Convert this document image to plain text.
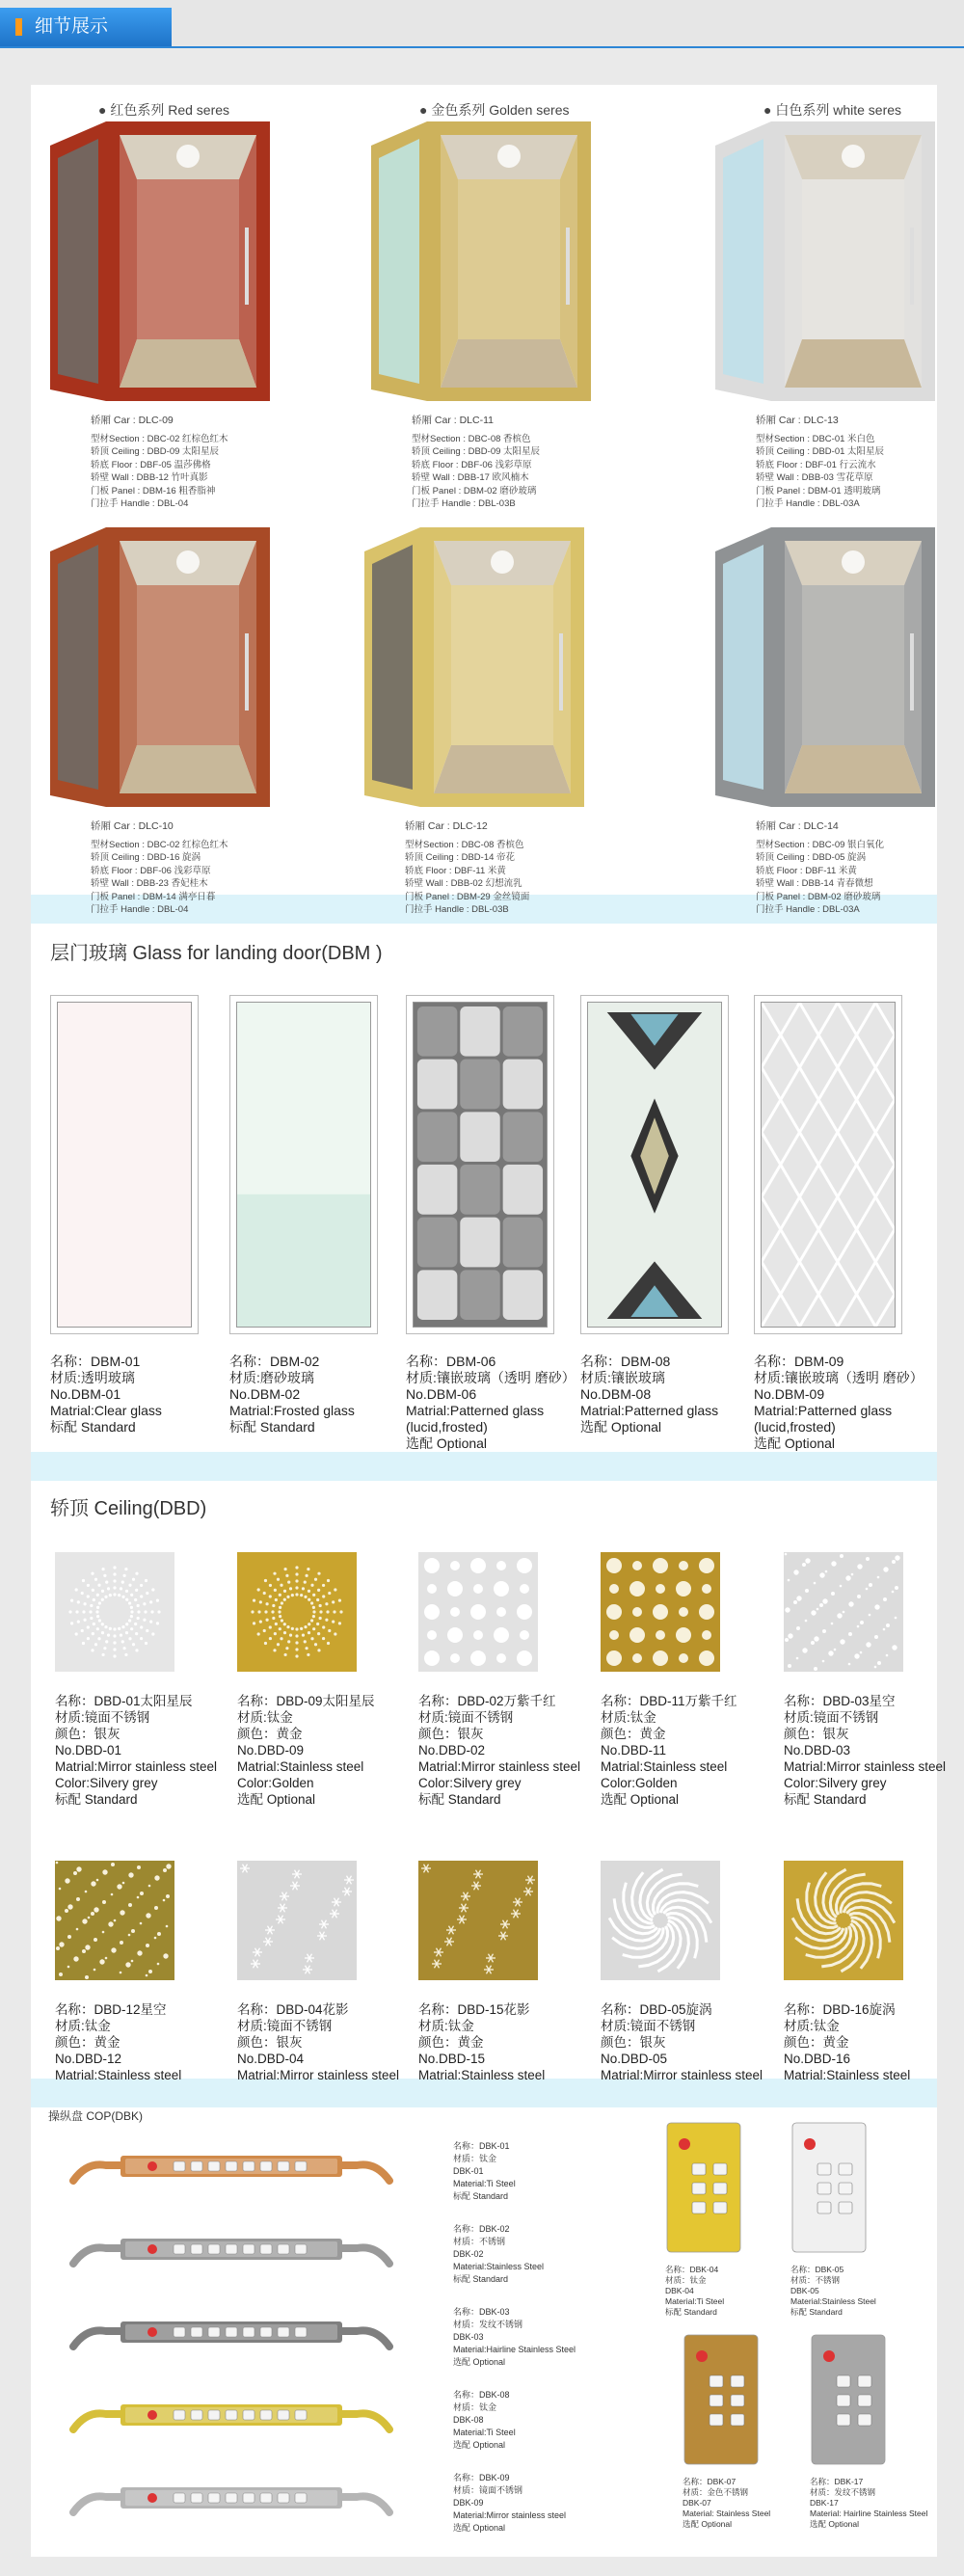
细节展示
● 红色系列 Red seres
轿厢 Car : DLC-09
型材Section : DBC-02 红棕色红木
轿顶 Ceiling : DBD-09 太阳星辰
轿底 Floor : DBF-05 温莎佛格
轿壁 Wall : DBB-12 竹叶真影
门板 Panel : DBM-16 粗香脂神
门拉手 Handle : DBL-04
● 金色系列 Golden seres
轿厢 Car : DLC-11
型材Section : DBC-08 香槟色
轿顶 Ceiling : DBD-09 太阳星辰
轿底 Floor : DBF-06 浅彩草原
轿壁 Wall : DBB-17 欧风楠木
门板 Panel : DBM-02 磨砂玻璃
门拉手 Handle : DBL-03B
● 白色系列 white seres
轿厢 Car : DLC-13
型材Section : DBC-01 米白色
轿顶 Ceiling : DBD-01 太阳星辰
轿底 Floor : DBF-01 行云流水
轿壁 Wall : DBB-03 雪花草原
门板 Panel : DBM-01 透明玻璃
门拉手 Handle : DBL-03A
轿厢 Car : DLC-10
型材Section : DBC-02 红棕色红木
轿顶 Ceiling : DBD-16 旋涡
轿底 Floor : DBF-06 浅彩草原
轿壁 Wall : DBB-23 香妃桂木
门板 Panel : DBM-14 满亭日暮
门拉手 Handle : DBL-04
轿厢 Car : DLC-12
型材Section : DBC-08 香槟色
轿顶 Ceiling : DBD-14 帝花
轿底 Floor : DBF-11 米黄
轿壁 Wall : DBB-02 幻想流乳
门板 Panel : DBM-29 金丝镜面
门拉手 Handle : DBL-03B
轿厢 Car : DLC-14
型材Section : DBC-09 银白氧化
轿顶 Ceiling : DBD-05 旋涡
轿底 Floor : DBF-11 米黄
轿壁 Wall : DBB-14 青春微想
门板 Panel : DBM-02 磨砂玻璃
门拉手 Handle : DBL-03A
层门玻璃 Glass for landing door(DBM )
名称：DBM-01
材质:透明玻璃
No.DBM-01
Matrial:Clear glass
标配 Standard
名称：DBM-02
材质:磨砂玻璃
No.DBM-02
Matrial:Frosted glass
标配 Standard
名称：DBM-06
材质:镶嵌玻璃（透明 磨砂）
No.DBM-06
Matrial:Patterned glass (lucid,frosted)
选配 Optional
名称：DBM-08
材质:镶嵌玻璃
No.DBM-08
Matrial:Patterned glass
选配 Optional
名称：DBM-09
材质:镶嵌玻璃（透明 磨砂）
No.DBM-09
Matrial:Patterned glass (lucid,frosted)
选配 Optional
轿顶 Ceiling(DBD)
名称：DBD-01太阳星辰
材质:镜面不锈钢
颜色：银灰
No.DBD-01
Matrial:Mirror stainless steel
Color:Silvery grey
标配 Standard
名称：DBD-09太阳星辰
材质:钛金
颜色：黄金
No.DBD-09
Matrial:Stainless steel
Color:Golden
选配 Optional
名称：DBD-02万紫千红
材质:镜面不锈钢
颜色：银灰
No.DBD-02
Matrial:Mirror stainless steel
Color:Silvery grey
标配 Standard
名称：DBD-11万紫千红
材质:钛金
颜色：黄金
No.DBD-11
Matrial:Stainless steel
Color:Golden
选配 Optional
名称：DBD-03星空
材质:镜面不锈钢
颜色：银灰
No.DBD-03
Matrial:Mirror stainless steel
Color:Silvery grey
标配 Standard
名称：DBD-12星空
材质:钛金
颜色：黄金
No.DBD-12
Matrial:Stainless steel
名称：DBD-04花影
材质:镜面不锈钢
颜色：银灰
No.DBD-04
Matrial:Mirror stainless steel
名称：DBD-15花影
材质:钛金
颜色：黄金
No.DBD-15
Matrial:Stainless steel
名称：DBD-05旋涡
材质:镜面不锈钢
颜色：银灰
No.DBD-05
Matrial:Mirror stainless steel
名称：DBD-16旋涡
材质:钛金
颜色：黄金
No.DBD-16
Matrial:Stainless steel
操纵盘 COP(DBK)
名称：DBK-01
材质：钛金
DBK-01
Material:Ti Steel
标配 Standard
名称：DBK-02
材质：不锈钢
DBK-02
Material:Stainless Steel
标配 Standard
名称：DBK-03
材质：发纹不锈钢
DBK-03
Material:Hairline Stainless Steel
选配 Optional
名称：DBK-08
材质：钛金
DBK-08
Material:Ti Steel
选配 Optional
名称：DBK-09
材质：镜面不锈钢
DBK-09
Material:Mirror stainless steel
选配 Optional
名称：DBK-04
材质：钛金
DBK-04
Material:Ti Steel
标配 Standard
名称：DBK-05
材质：不锈钢
DBK-05
Material:Stainless Steel
标配 Standard
名称：DBK-07
材质：金色不锈钢
DBK-07
Material: Stainless Steel
选配 Optional
名称：DBK-17
材质：发纹不锈钢
DBK-17
Material: Hairline Stainless Steel
选配 Optional
